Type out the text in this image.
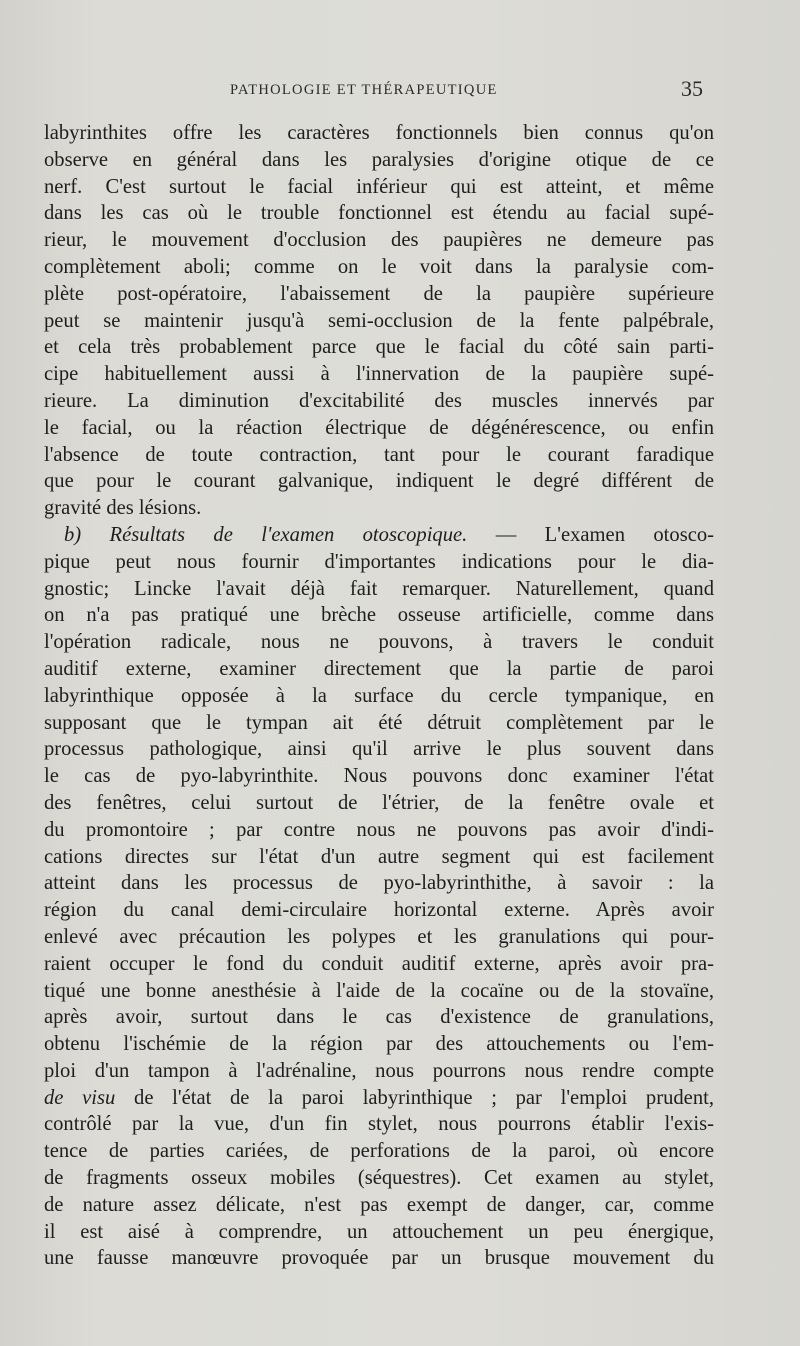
PATHOLOGIE ET THÉRAPEUTIQUE	35
labyrinthites offre les caractères fonctionnels bien connus qu'on
observe en général dans les paralysies d'origine otique de ce
nerf. C'est surtout le facial inférieur qui est atteint, et même
dans les cas où le trouble fonctionnel est étendu au facial supé-
rieur, le mouvement d'occlusion des paupières ne demeure pas
complètement aboli; comme on le voit dans la paralysie com-
plète post-opératoire, l'abaissement de la paupière supérieure
peut se maintenir jusqu'à semi-occlusion de la fente palpébrale,
et cela très probablement parce que le facial du côté sain parti-
cipe habituellement aussi à l'innervation de la paupière supé-
rieure. La diminution d'excitabilité des muscles innervés par
le facial, ou la réaction électrique de dégénérescence, ou enfin
l'absence de toute contraction, tant pour le courant faradique
que pour le courant galvanique, indiquent le degré différent de
gravité des lésions.
b) Résultats de l'examen otoscopique. — L'examen otosco-
pique peut nous fournir d'importantes indications pour le dia-
gnostic; Lincke l'avait déjà fait remarquer. Naturellement, quand
on n'a pas pratiqué une brèche osseuse artificielle, comme dans
l'opération radicale, nous ne pouvons, à travers le conduit
auditif externe, examiner directement que la partie de paroi
labyrinthique opposée à la surface du cercle tympanique, en
supposant que le tympan ait été détruit complètement par le
processus pathologique, ainsi qu'il arrive le plus souvent dans
le cas de pyo-labyrinthite. Nous pouvons donc examiner l'état
des fenêtres, celui surtout de l'étrier, de la fenêtre ovale et
du promontoire ; par contre nous ne pouvons pas avoir d'indi-
cations directes sur l'état d'un autre segment qui est facilement
atteint dans les processus de pyo-labyrinthithe, à savoir : la
région du canal demi-circulaire horizontal externe. Après avoir
enlevé avec précaution les polypes et les granulations qui pour-
raient occuper le fond du conduit auditif externe, après avoir pra-
tiqué une bonne anesthésie à l'aide de la cocaïne ou de la stovaïne,
après avoir, surtout dans le cas d'existence de granulations,
obtenu l'ischémie de la région par des attouchements ou l'em-
ploi d'un tampon à l'adrénaline, nous pourrons nous rendre compte
de visu de l'état de la paroi labyrinthique ; par l'emploi prudent,
contrôlé par la vue, d'un fin stylet, nous pourrons établir l'exis-
tence de parties cariées, de perforations de la paroi, où encore
de fragments osseux mobiles (séquestres). Cet examen au stylet,
de nature assez délicate, n'est pas exempt de danger, car, comme
il est aisé à comprendre, un attouchement un peu énergique,
une fausse manœuvre provoquée par un brusque mouvement du
